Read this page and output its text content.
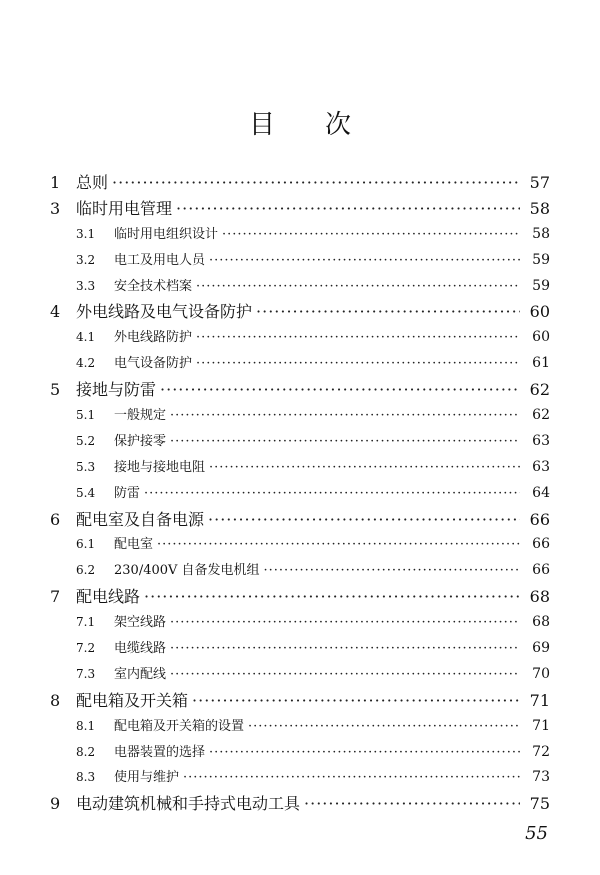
目 次
1 总则 ·····	57
3 临时用电管理 ·····	58
3.1	临时用电组织设计 ·····	58
3.2	电工及用电人员 ·····	59
3.3	安全技术档案 ·····	59
4 外电线路及电气设备防护 ·····	60
4.1	外电线路防护 ·····	60
4.2	电气设备防护 ·····	61
5 接地与防雷 ·····	62
5.1	一般规定 ·····	62
5.2	保护接零 ·····	63
5.3	接地与接地电阻 ·····	63
5.4	防雷 ·····	64
6 配电室及自备电源 ·····	66
6.1	配电室 ·····	66
6.2	230/400V 自备发电机组 ·····	66
7 配电线路 ·····	68
7.1	架空线路 ·····	68
7.2	电缆线路 ·····	69
7.3	室内配线 ·····	70
8 配电箱及开关箱 ·····	71
8.1	配电箱及开关箱的设置 ·····	71
8.2	电器装置的选择 ·····	72
8.3	使用与维护 ·····	73
9 电动建筑机械和手持式电动工具 ·····	75
55
